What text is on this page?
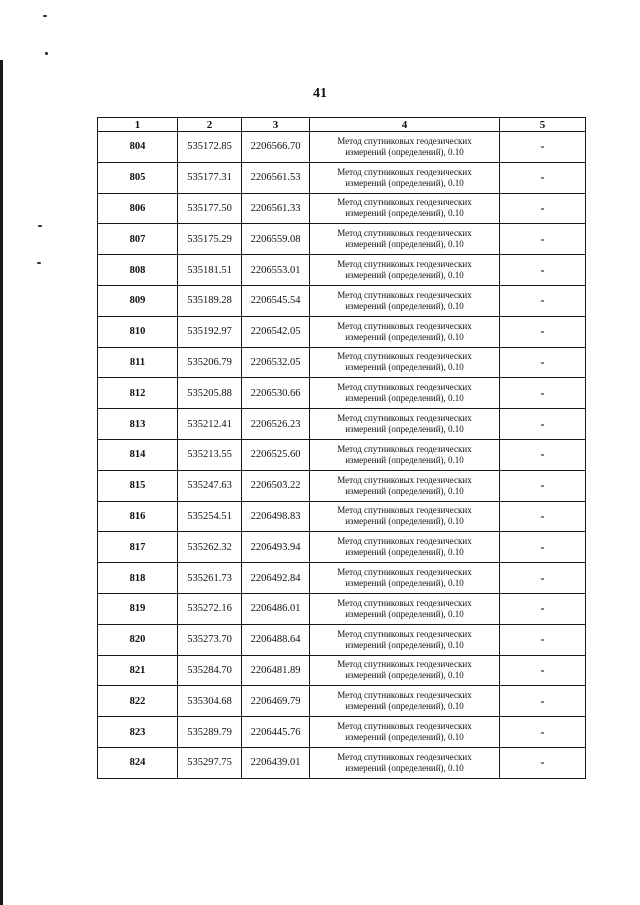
41
1	2	3	4	5
804	535172.85	2206566.70	Метод спутниковых геодезических
измерений (определений), 0.10	-
805	535177.31	2206561.53	Метод спутниковых геодезических
измерений (определений), 0.10	-
806	535177.50	2206561.33	Метод спутниковых геодезических
измерений (определений), 0.10	-
807	535175.29	2206559.08	Метод спутниковых геодезических
измерений (определений), 0.10	-
808	535181.51	2206553.01	Метод спутниковых геодезических
измерений (определений), 0.10	-
809	535189.28	2206545.54	Метод спутниковых геодезических
измерений (определений), 0.10	-
810	535192.97	2206542.05	Метод спутниковых геодезических
измерений (определений), 0.10	-
811	535206.79	2206532.05	Метод спутниковых геодезических
измерений (определений), 0.10	-
812	535205.88	2206530.66	Метод спутниковых геодезических
измерений (определений), 0.10	-
813	535212.41	2206526.23	Метод спутниковых геодезических
измерений (определений), 0.10	-
814	535213.55	2206525.60	Метод спутниковых геодезических
измерений (определений), 0.10	-
815	535247.63	2206503.22	Метод спутниковых геодезических
измерений (определений), 0.10	-
816	535254.51	2206498.83	Метод спутниковых геодезических
измерений (определений), 0.10	-
817	535262.32	2206493.94	Метод спутниковых геодезических
измерений (определений), 0.10	-
818	535261.73	2206492.84	Метод спутниковых геодезических
измерений (определений), 0.10	-
819	535272.16	2206486.01	Метод спутниковых геодезических
измерений (определений), 0.10	-
820	535273.70	2206488.64	Метод спутниковых геодезических
измерений (определений), 0.10	-
821	535284.70	2206481.89	Метод спутниковых геодезических
измерений (определений), 0.10	-
822	535304.68	2206469.79	Метод спутниковых геодезических
измерений (определений), 0.10	-
823	535289.79	2206445.76	Метод спутниковых геодезических
измерений (определений), 0.10	-
824	535297.75	2206439.01	Метод спутниковых геодезических
измерений (определений), 0.10	-
